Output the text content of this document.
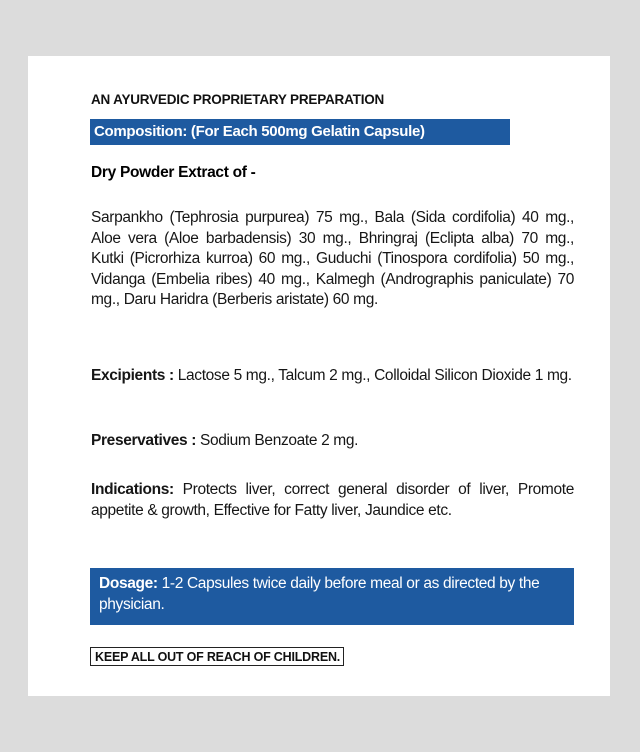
AN AYURVEDIC PROPRIETARY PREPARATION
Composition: (For Each 500mg Gelatin Capsule)
Dry Powder Extract of -
Sarpankho (Tephrosia purpurea) 75 mg., Bala (Sida cordifolia) 40 mg., Aloe vera (Aloe barbadensis) 30 mg., Bhringraj (Eclipta alba) 70 mg., Kutki (Picrorhiza kurroa) 60 mg., Guduchi (Tinospora cordifolia) 50 mg., Vidanga (Embelia ribes) 40 mg., Kalmegh (Andrographis paniculate) 70 mg., Daru Haridra (Berberis aristate) 60 mg.
Excipients : Lactose 5 mg., Talcum 2 mg., Colloidal Silicon Dioxide 1 mg.
Preservatives : Sodium Benzoate 2 mg.
Indications: Protects liver, correct general disorder of liver, Promote appetite & growth, Effective for Fatty liver, Jaundice etc.
Dosage: 1-2 Capsules twice daily before meal or as directed by the physician.
KEEP ALL OUT OF REACH OF CHILDREN.
